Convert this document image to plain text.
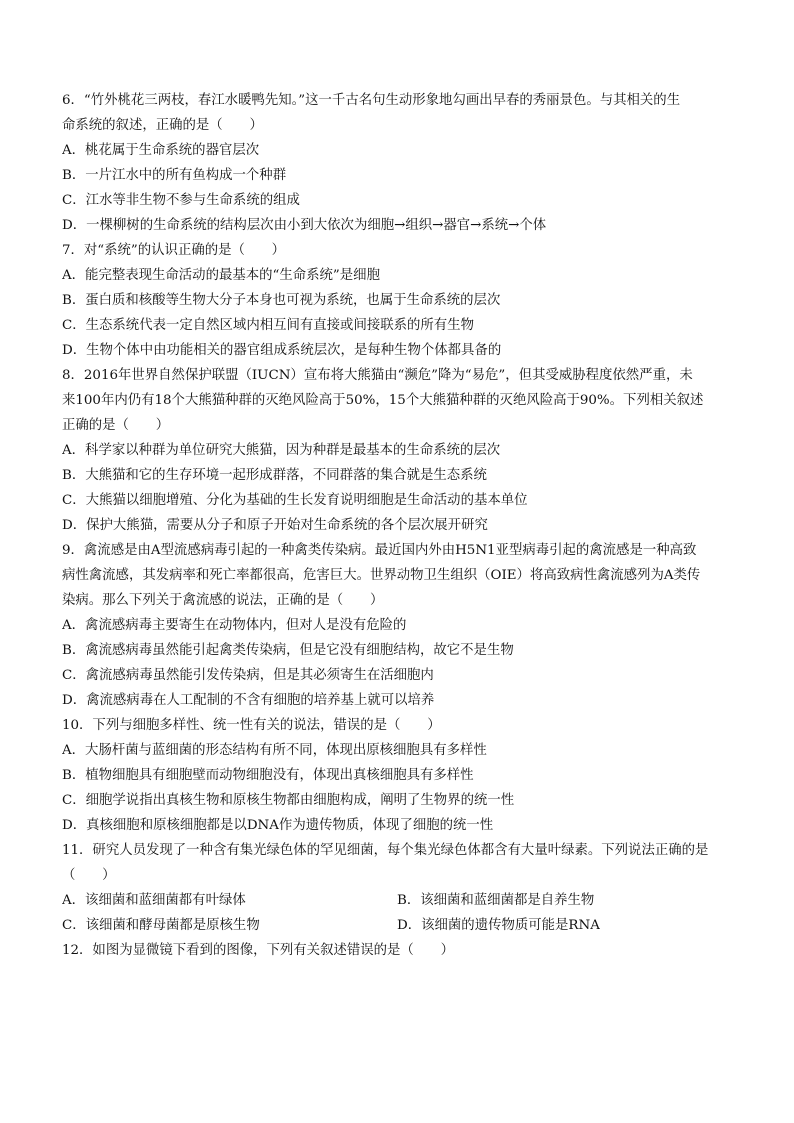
6．“竹外桃花三两枝，春江水暖鸭先知。”这一千古名句生动形象地勾画出早春的秀丽景色。与其相关的生
命系统的叙述，正确的是（　　）
A．桃花属于生命系统的器官层次
B．一片江水中的所有鱼构成一个种群
C．江水等非生物不参与生命系统的组成
D．一棵柳树的生命系统的结构层次由小到大依次为细胞→组织→器官→系统→个体
7．对“系统”的认识正确的是（　　）
A．能完整表现生命活动的最基本的“生命系统”是细胞
B．蛋白质和核酸等生物大分子本身也可视为系统，也属于生命系统的层次
C．生态系统代表一定自然区域内相互间有直接或间接联系的所有生物
D．生物个体中由功能相关的器官组成系统层次，是每种生物个体都具备的
8．2016年世界自然保护联盟（IUCN）宣布将大熊猫由“濒危”降为“易危”，但其受威胁程度依然严重，未
来100年内仍有18个大熊猫种群的灭绝风险高于50%，15个大熊猫种群的灭绝风险高于90%。下列相关叙述
正确的是（　　）
A．科学家以种群为单位研究大熊猫，因为种群是最基本的生命系统的层次
B．大熊猫和它的生存环境一起形成群落，不同群落的集合就是生态系统
C．大熊猫以细胞增殖、分化为基础的生长发育说明细胞是生命活动的基本单位
D．保护大熊猫，需要从分子和原子开始对生命系统的各个层次展开研究
9．禽流感是由A型流感病毒引起的一种禽类传染病。最近国内外由H5N1亚型病毒引起的禽流感是一种高致
病性禽流感，其发病率和死亡率都很高，危害巨大。世界动物卫生组织（OIE）将高致病性禽流感列为A类传
染病。那么下列关于禽流感的说法，正确的是（　　）
A．禽流感病毒主要寄生在动物体内，但对人是没有危险的
B．禽流感病毒虽然能引起禽类传染病，但是它没有细胞结构，故它不是生物
C．禽流感病毒虽然能引发传染病，但是其必须寄生在活细胞内
D．禽流感病毒在人工配制的不含有细胞的培养基上就可以培养
10．下列与细胞多样性、统一性有关的说法，错误的是（　　）
A．大肠杆菌与蓝细菌的形态结构有所不同，体现出原核细胞具有多样性
B．植物细胞具有细胞壁而动物细胞没有，体现出真核细胞具有多样性
C．细胞学说指出真核生物和原核生物都由细胞构成，阐明了生物界的统一性
D．真核细胞和原核细胞都是以DNA作为遗传物质，体现了细胞的统一性
11．研究人员发现了一种含有集光绿色体的罕见细菌，每个集光绿色体都含有大量叶绿素。下列说法正确的是
（　　）
A．该细菌和蓝细菌都有叶绿体	B．该细菌和蓝细菌都是自养生物
C．该细菌和酵母菌都是原核生物	D．该细菌的遗传物质可能是RNA
12．如图为显微镜下看到的图像，下列有关叙述错误的是（　　）
